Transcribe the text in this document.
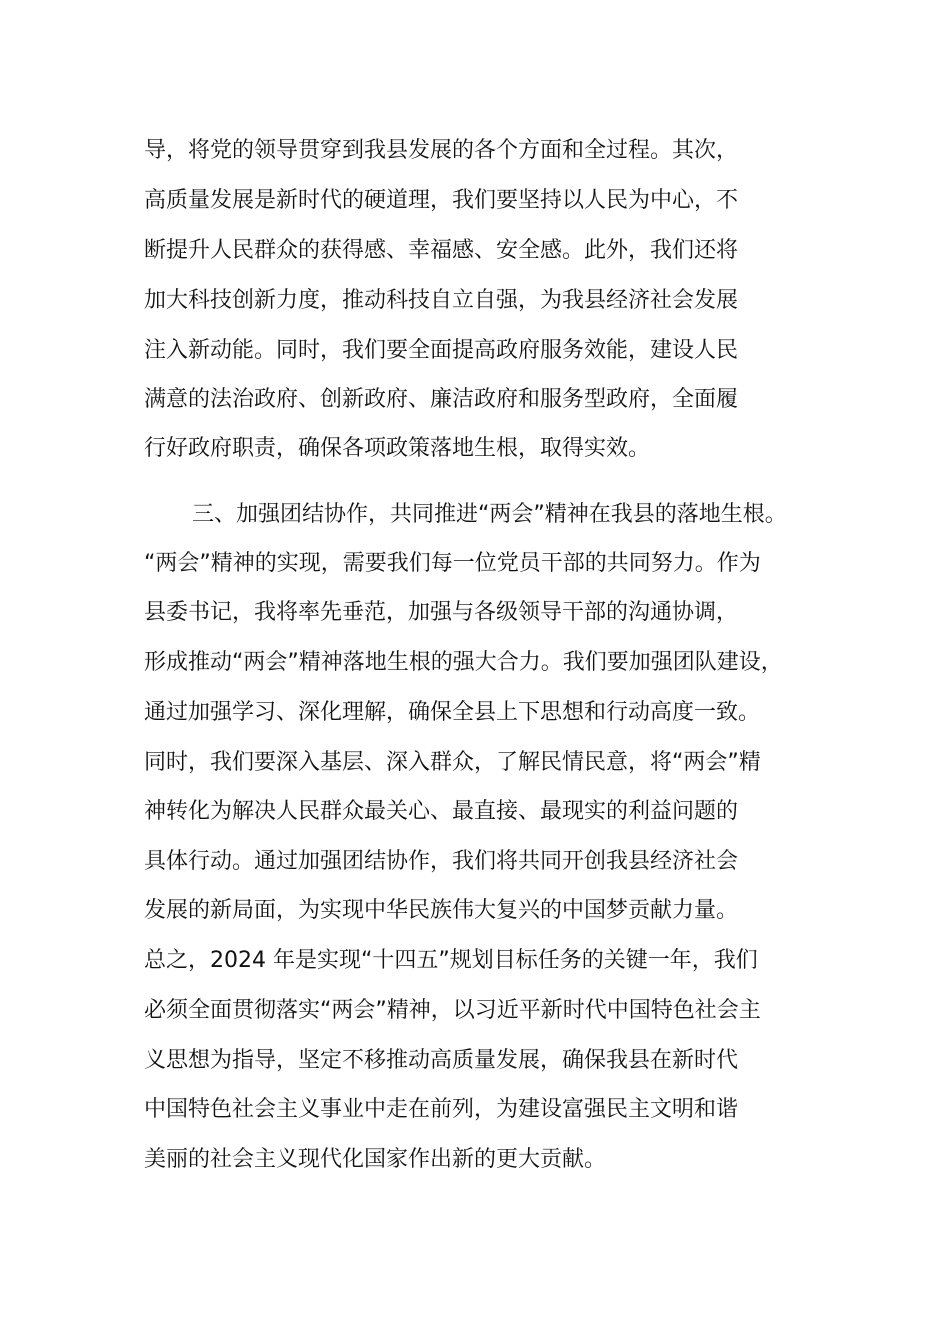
导，将党的领导贯穿到我县发展的各个方面和全过程。其次，
高质量发展是新时代的硬道理，我们要坚持以人民为中心，不
断提升人民群众的获得感、幸福感、安全感。此外，我们还将
加大科技创新力度，推动科技自立自强，为我县经济社会发展
注入新动能。同时，我们要全面提高政府服务效能，建设人民
满意的法治政府、创新政府、廉洁政府和服务型政府，全面履
行好政府职责，确保各项政策落地生根，取得实效。
三、加强团结协作，共同推进“两会”精神在我县的落地生根。
“两会”精神的实现，需要我们每一位党员干部的共同努力。作为
县委书记，我将率先垂范，加强与各级领导干部的沟通协调，
形成推动“两会”精神落地生根的强大合力。我们要加强团队建设，
通过加强学习、深化理解，确保全县上下思想和行动高度一致。
同时，我们要深入基层、深入群众，了解民情民意，将“两会”精
神转化为解决人民群众最关心、最直接、最现实的利益问题的
具体行动。通过加强团结协作，我们将共同开创我县经济社会
发展的新局面，为实现中华民族伟大复兴的中国梦贡献力量。
总之，2024 年是实现“十四五”规划目标任务的关键一年，我们
必须全面贯彻落实“两会”精神，以习近平新时代中国特色社会主
义思想为指导，坚定不移推动高质量发展，确保我县在新时代
中国特色社会主义事业中走在前列，为建设富强民主文明和谐
美丽的社会主义现代化国家作出新的更大贡献。
